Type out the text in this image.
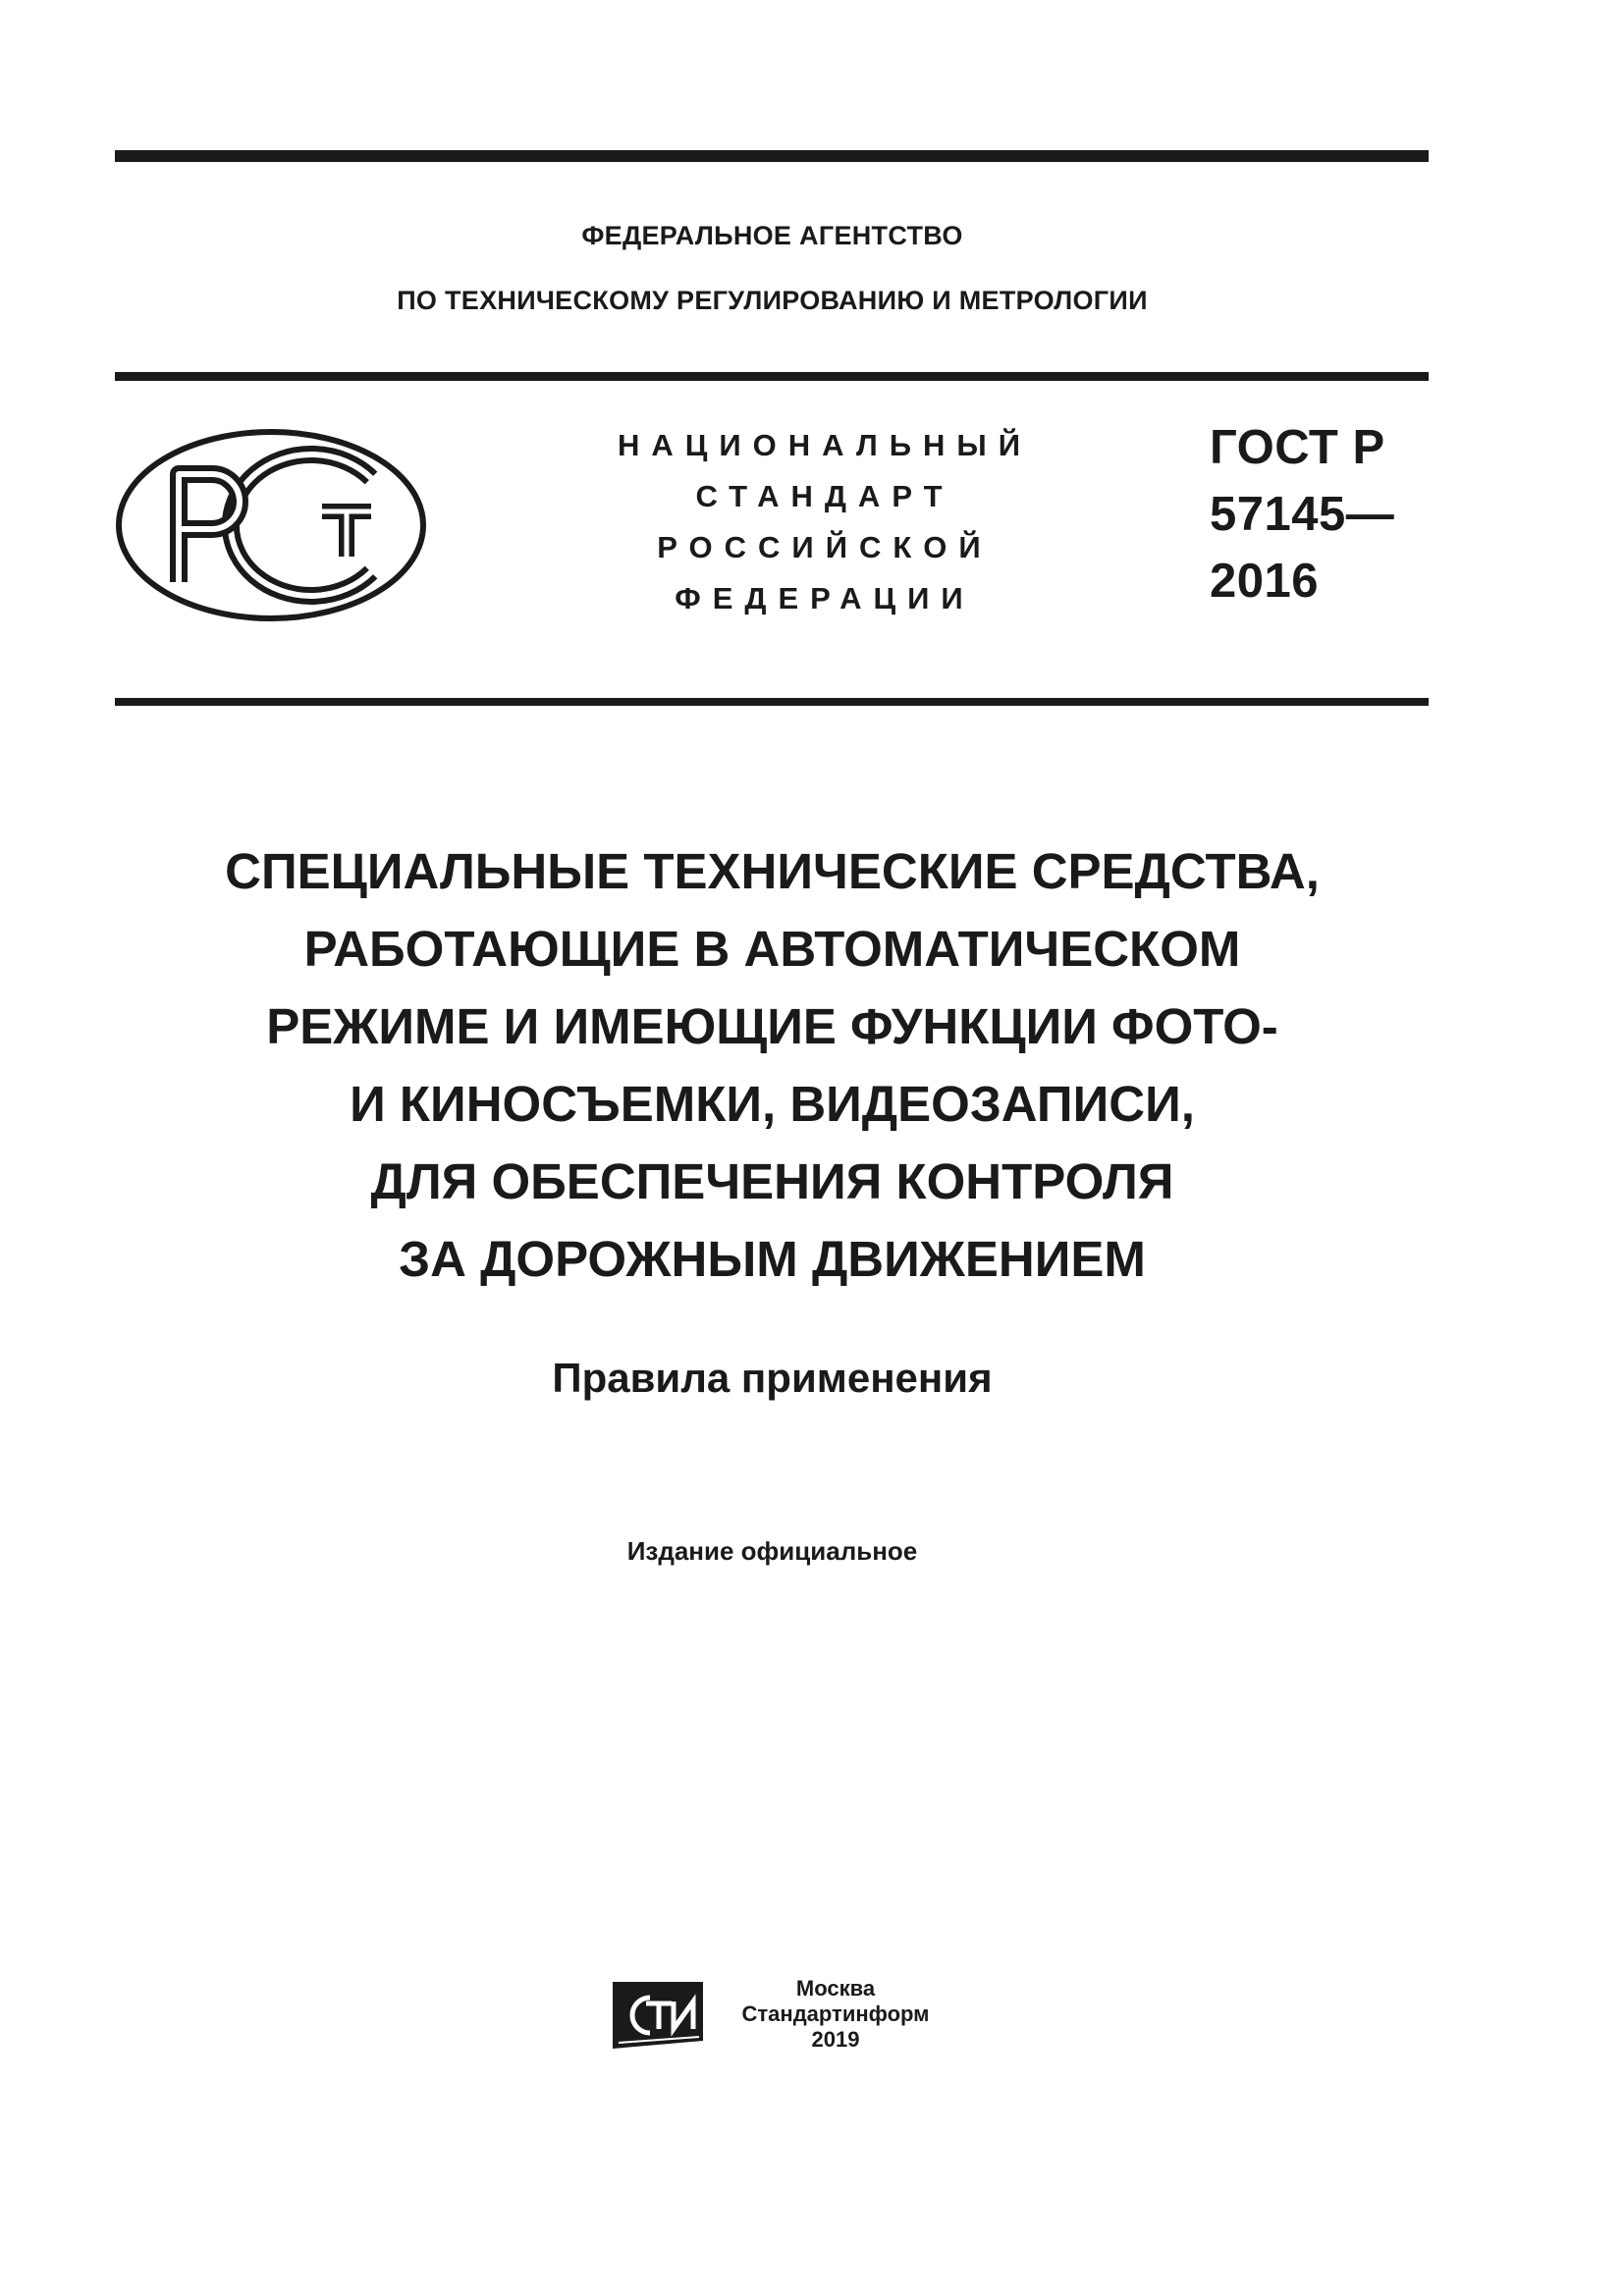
ФЕДЕРАЛЬНОЕ АГЕНТСТВО
ПО ТЕХНИЧЕСКОМУ РЕГУЛИРОВАНИЮ И МЕТРОЛОГИИ
НАЦИОНАЛЬНЫЙ
СТАНДАРТ
РОССИЙСКОЙ
ФЕДЕРАЦИИ
ГОСТ Р
57145—
2016
СПЕЦИАЛЬНЫЕ ТЕХНИЧЕСКИЕ СРЕДСТВА,
РАБОТАЮЩИЕ В АВТОМАТИЧЕСКОМ
РЕЖИМЕ И ИМЕЮЩИЕ ФУНКЦИИ ФОТО-
И КИНОСЪЕМКИ, ВИДЕОЗАПИСИ,
ДЛЯ ОБЕСПЕЧЕНИЯ КОНТРОЛЯ
ЗА ДОРОЖНЫМ ДВИЖЕНИЕМ
Правила применения
Издание официальное
Москва
Стандартинформ
2019
